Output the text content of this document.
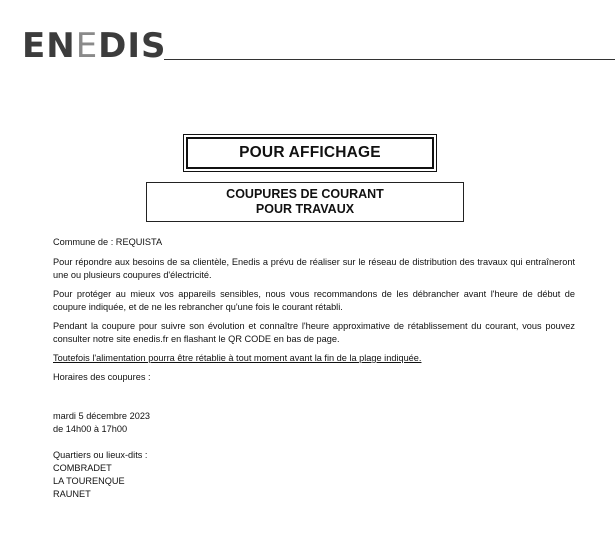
ENEDIS
POUR AFFICHAGE
COUPURES DE COURANT
POUR TRAVAUX

Commune de : REQUISTA

Pour répondre aux besoins de sa clientèle, Enedis a prévu de réaliser sur le réseau de distribution des travaux qui entraîneront une ou plusieurs coupures d'électricité.

Pour protéger au mieux vos appareils sensibles, nous vous recommandons de les débrancher avant l'heure de début de coupure indiquée, et de ne les rebrancher qu'une fois le courant rétabli.

Pendant la coupure pour suivre son évolution et connaître l'heure approximative de rétablissement du courant, vous pouvez consulter notre site enedis.fr en flashant le QR CODE en bas de page.

Toutefois l'alimentation pourra être rétablie à tout moment avant la fin de la plage indiquée.

Horaires des coupures :

mardi 5 décembre 2023

de 14h00 à 17h00

Quartiers ou lieux-dits :

COMBRADET

LA TOURENQUE

RAUNET
